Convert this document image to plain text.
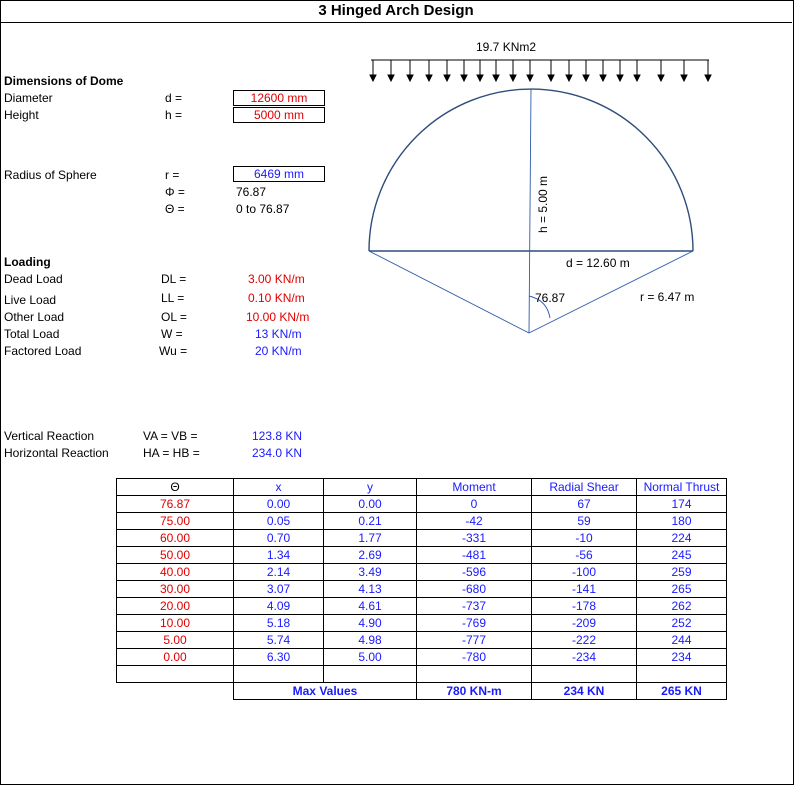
3 Hinged Arch Design
Dimensions of Dome
Diameter	d =	12600 mm
Height	h =	5000 mm
Radius of Sphere	r =	6469 mm
Φ =	76.87
Θ =	0 to 76.87
Loading
Dead Load	DL =	3.00 KN/m
Live Load	LL =	0.10 KN/m
Other Load	OL =	10.00 KN/m
Total Load	W =	13 KN/m
Factored Load	Wu =	20 KN/m
Vertical Reaction	VA = VB =	123.8 KN
Horizontal Reaction	HA = HB =	234.0 KN
19.7 KNm2
h = 5.00 m
d = 12.60 m
76.87	r = 6.47 m
Θ	x	y	Moment	Radial Shear	Normal Thrust
76.87	0.00	0.00	0	67	174
75.00	0.05	0.21	-42	59	180
60.00	0.70	1.77	-331	-10	224
50.00	1.34	2.69	-481	-56	245
40.00	2.14	3.49	-596	-100	259
30.00	3.07	4.13	-680	-141	265
20.00	4.09	4.61	-737	-178	262
10.00	5.18	4.90	-769	-209	252
5.00	5.74	4.98	-777	-222	244
0.00	6.30	5.00	-780	-234	234

	Max Values		780 KN-m	234 KN	265 KN
